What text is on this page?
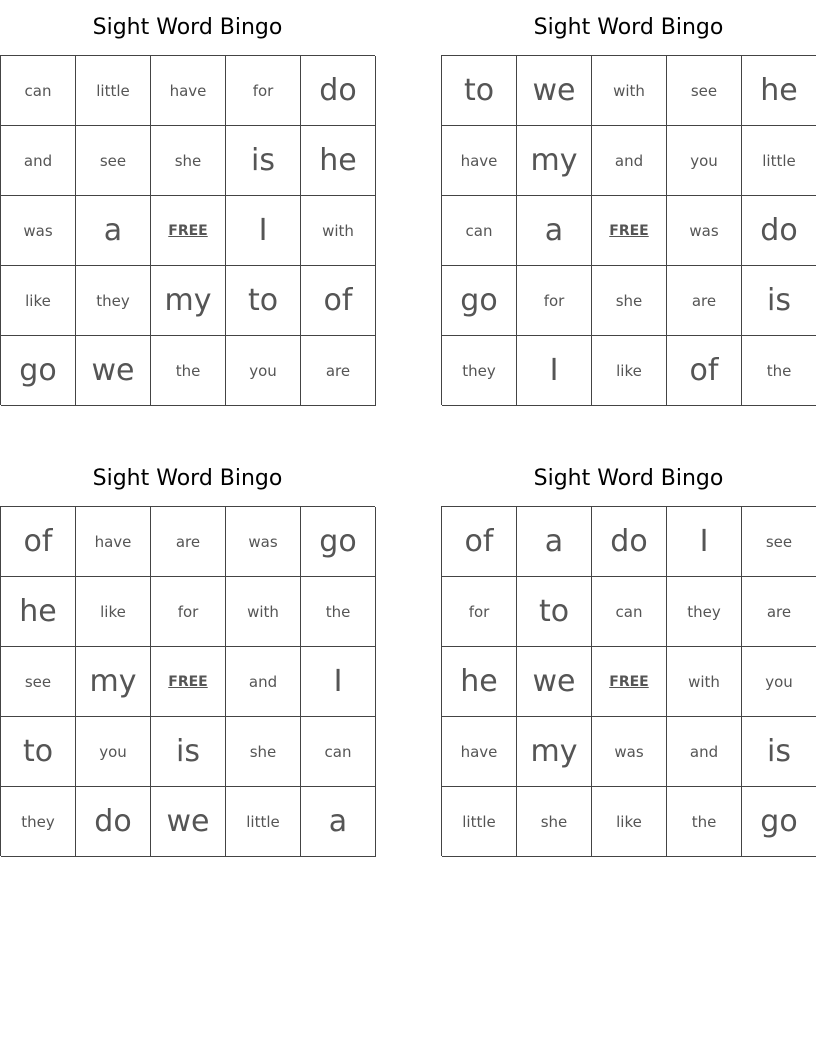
Sight Word Bingo
can	little	have	for	do
and	see	she	is	he
was	a	FREE	I	with
like	they	my	to	of
go	we	the	you	are
Sight Word Bingo
to	we	with	see	he
have	my	and	you	little
can	a	FREE	was	do
go	for	she	are	is
they	I	like	of	the
Sight Word Bingo
of	have	are	was	go
he	like	for	with	the
see	my	FREE	and	I
to	you	is	she	can
they	do	we	little	a
Sight Word Bingo
of	a	do	I	see
for	to	can	they	are
he	we	FREE	with	you
have	my	was	and	is
little	she	like	the	go
